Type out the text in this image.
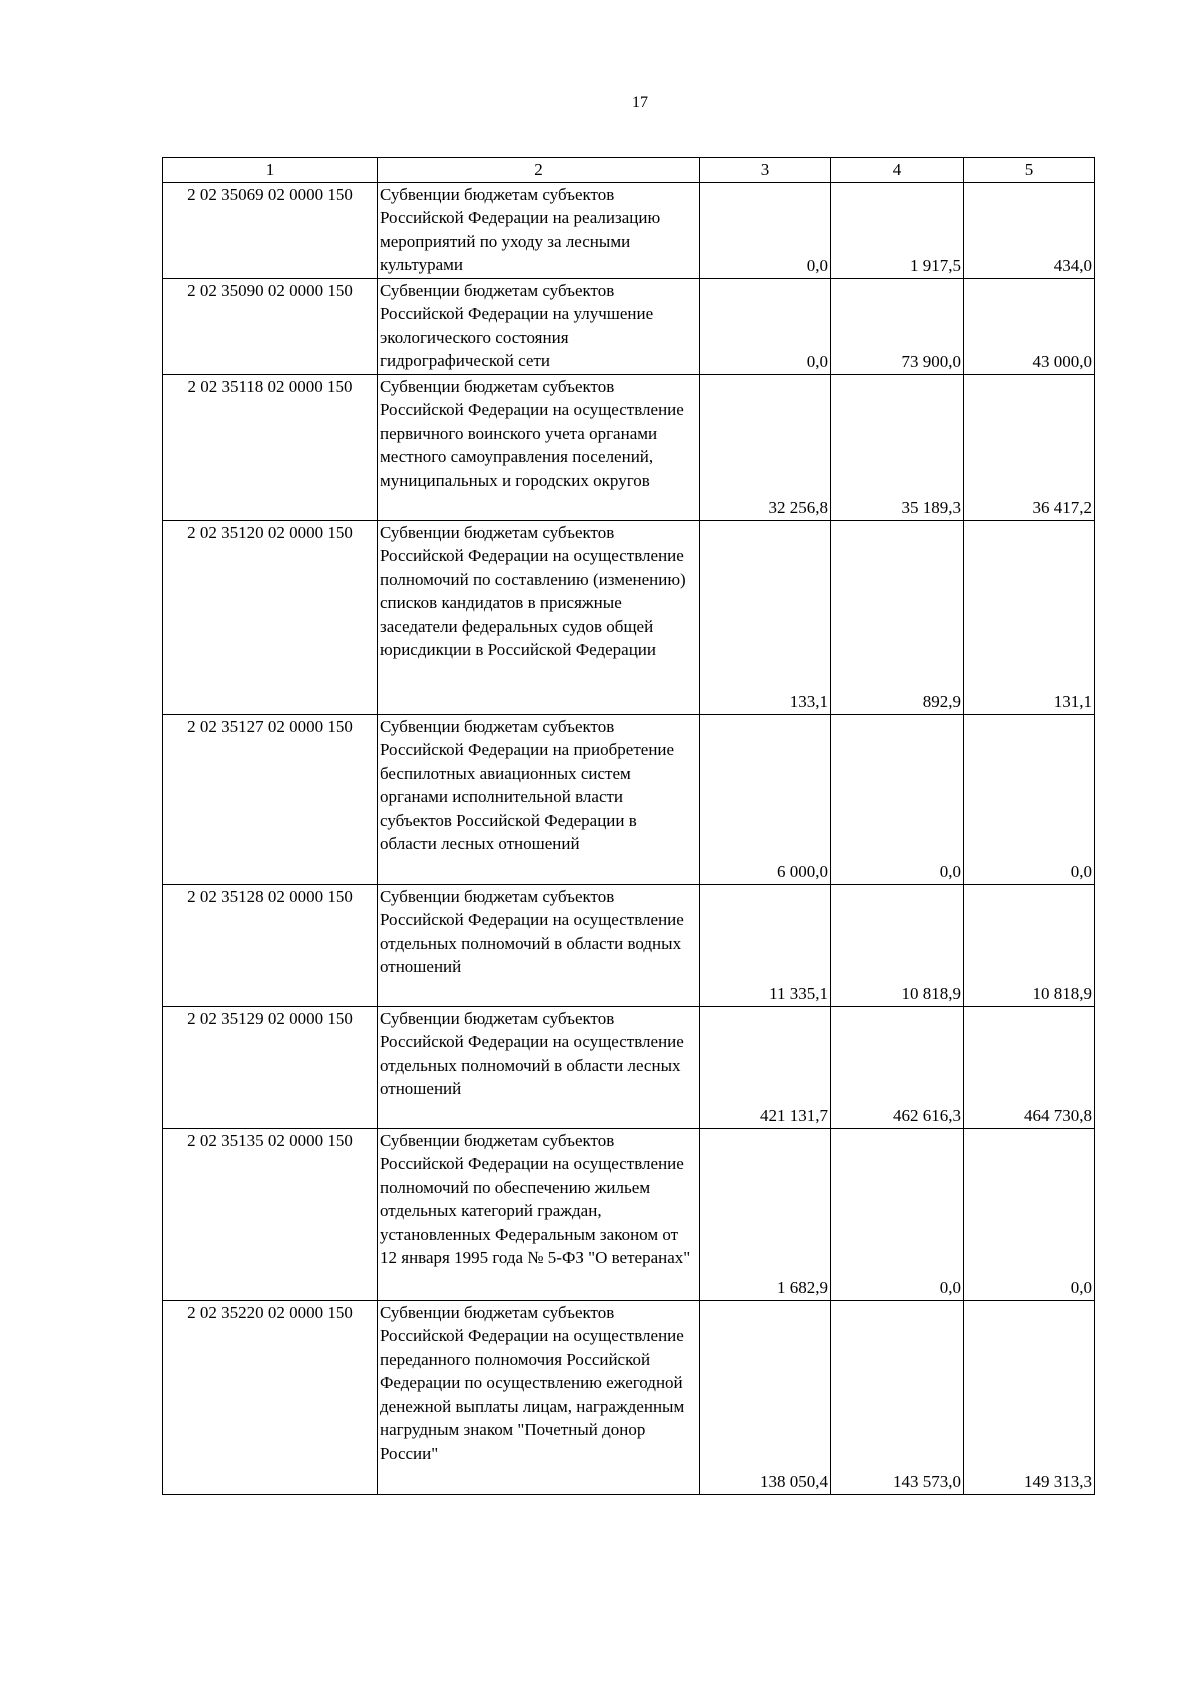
17
1	2	3	4	5
2 02 35069 02 0000 150	Субвенции бюджетам субъектов Российской Федерации на реализацию мероприятий по уходу за лесными культурами	0,0	1 917,5	434,0
2 02 35090 02 0000 150	Субвенции бюджетам субъектов Российской Федерации на улучшение экологического состояния гидрографической сети	0,0	73 900,0	43 000,0
2 02 35118 02 0000 150	Субвенции бюджетам субъектов Российской Федерации на осуществление первичного воинского учета органами местного самоуправления поселений, муниципальных и городских округов	32 256,8	35 189,3	36 417,2
2 02 35120 02 0000 150	Субвенции бюджетам субъектов Российской Федерации на осуществление полномочий по составлению (изменению) списков кандидатов в присяжные заседатели федеральных судов общей юрисдикции в Российской Федерации	133,1	892,9	131,1
2 02 35127 02 0000 150	Субвенции бюджетам субъектов Российской Федерации на приобретение беспилотных авиационных систем органами исполнительной власти субъектов Российской Федерации в области лесных отношений	6 000,0	0,0	0,0
2 02 35128 02 0000 150	Субвенции бюджетам субъектов Российской Федерации на осуществление отдельных полномочий в области водных отношений	11 335,1	10 818,9	10 818,9
2 02 35129 02 0000 150	Субвенции бюджетам субъектов Российской Федерации на осуществление отдельных полномочий в области лесных отношений	421 131,7	462 616,3	464 730,8
2 02 35135 02 0000 150	Субвенции бюджетам субъектов Российской Федерации на осуществление полномочий по обеспечению жильем отдельных категорий граждан, установленных Федеральным законом от 12 января 1995 года № 5-ФЗ "О ветеранах"	1 682,9	0,0	0,0
2 02 35220 02 0000 150	Субвенции бюджетам субъектов Российской Федерации на осуществление переданного полномочия Российской Федерации по осуществлению ежегодной денежной выплаты лицам, награжденным нагрудным знаком "Почетный донор России"	138 050,4	143 573,0	149 313,3
